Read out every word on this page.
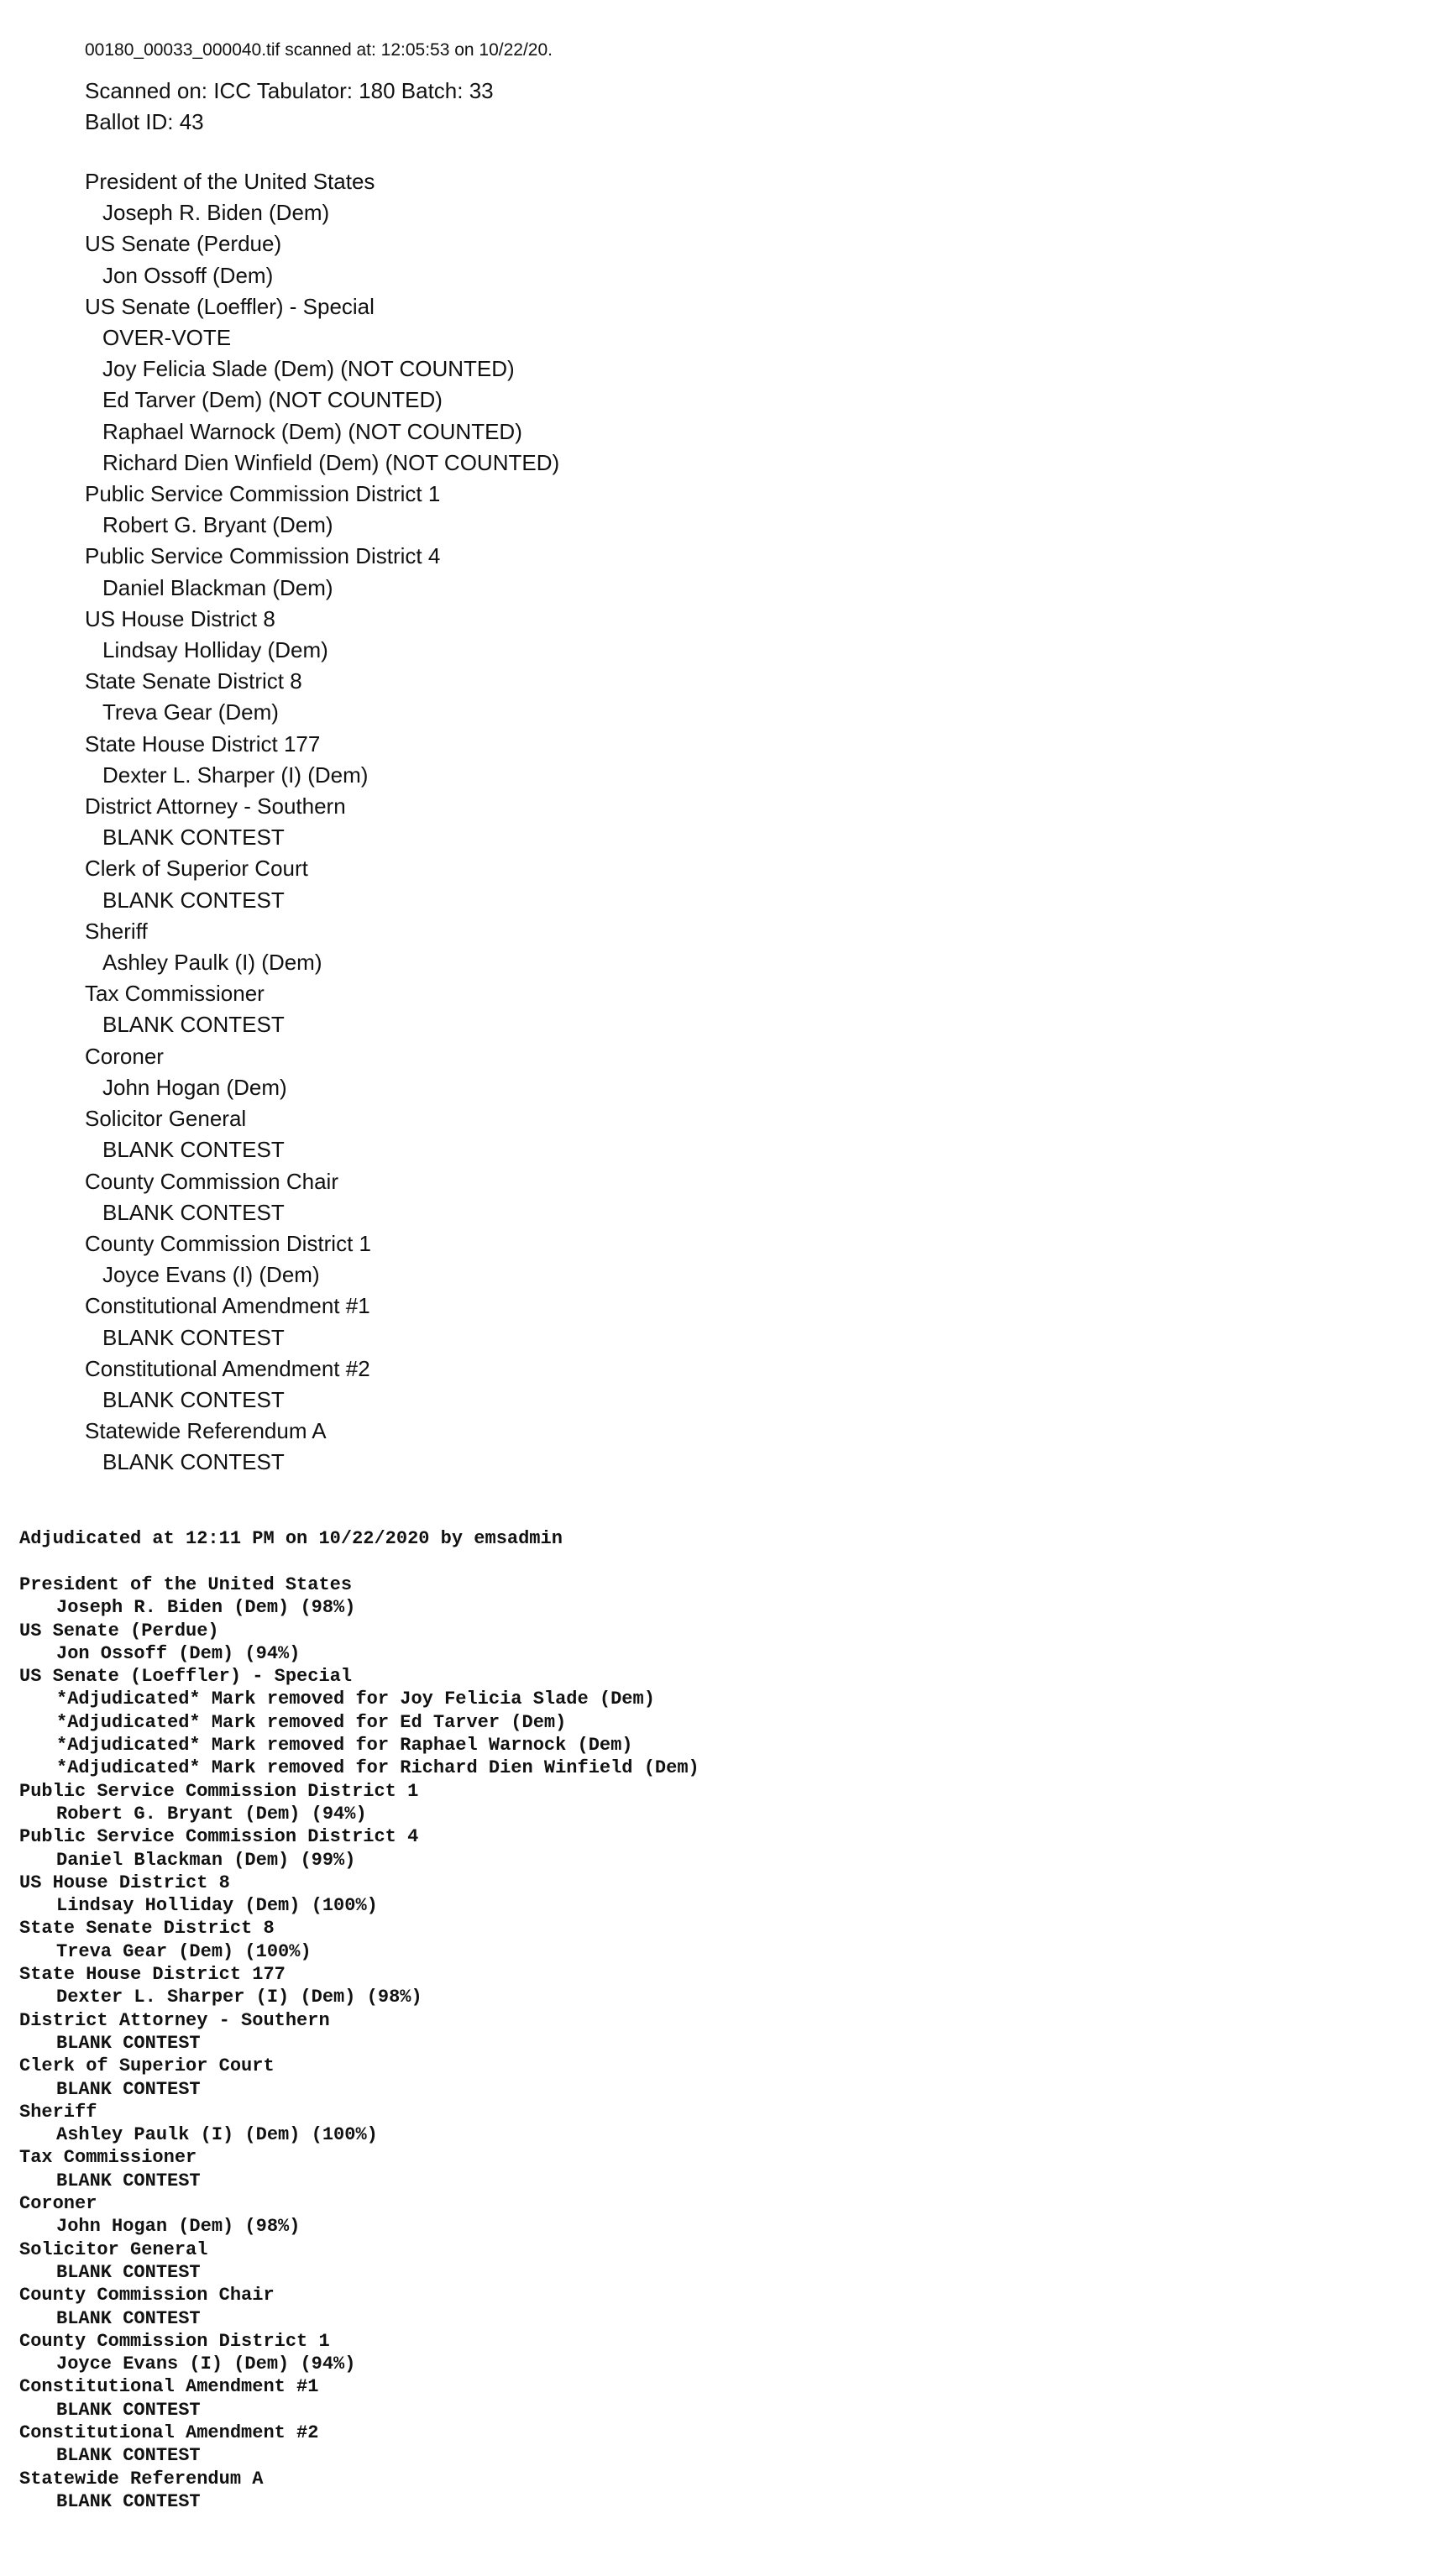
00180_00033_000040.tif scanned at: 12:05:53 on 10/22/20.
Scanned on: ICC Tabulator: 180 Batch: 33
Ballot ID: 43
President of the United States
Joseph R. Biden (Dem)
US Senate (Perdue)
Jon Ossoff (Dem)
US Senate (Loeffler) - Special
OVER-VOTE
Joy Felicia Slade (Dem) (NOT COUNTED)
Ed Tarver (Dem) (NOT COUNTED)
Raphael Warnock (Dem) (NOT COUNTED)
Richard Dien Winfield (Dem) (NOT COUNTED)
Public Service Commission District 1
Robert G. Bryant (Dem)
Public Service Commission District 4
Daniel Blackman (Dem)
US House District 8
Lindsay Holliday (Dem)
State Senate District 8
Treva Gear (Dem)
State House District 177
Dexter L. Sharper (I) (Dem)
District Attorney - Southern
BLANK CONTEST
Clerk of Superior Court
BLANK CONTEST
Sheriff
Ashley Paulk (I) (Dem)
Tax Commissioner
BLANK CONTEST
Coroner
John Hogan (Dem)
Solicitor General
BLANK CONTEST
County Commission Chair
BLANK CONTEST
County Commission District 1
Joyce Evans (I) (Dem)
Constitutional Amendment #1
BLANK CONTEST
Constitutional Amendment #2
BLANK CONTEST
Statewide Referendum A
BLANK CONTEST
Adjudicated at 12:11 PM on 10/22/2020 by emsadmin
President of the United States
Joseph R. Biden (Dem) (98%)
US Senate (Perdue)
Jon Ossoff (Dem) (94%)
US Senate (Loeffler) - Special
*Adjudicated* Mark removed for Joy Felicia Slade (Dem)
*Adjudicated* Mark removed for Ed Tarver (Dem)
*Adjudicated* Mark removed for Raphael Warnock (Dem)
*Adjudicated* Mark removed for Richard Dien Winfield (Dem)
Public Service Commission District 1
Robert G. Bryant (Dem) (94%)
Public Service Commission District 4
Daniel Blackman (Dem) (99%)
US House District 8
Lindsay Holliday (Dem) (100%)
State Senate District 8
Treva Gear (Dem) (100%)
State House District 177
Dexter L. Sharper (I) (Dem) (98%)
District Attorney - Southern
BLANK CONTEST
Clerk of Superior Court
BLANK CONTEST
Sheriff
Ashley Paulk (I) (Dem) (100%)
Tax Commissioner
BLANK CONTEST
Coroner
John Hogan (Dem) (98%)
Solicitor General
BLANK CONTEST
County Commission Chair
BLANK CONTEST
County Commission District 1
Joyce Evans (I) (Dem) (94%)
Constitutional Amendment #1
BLANK CONTEST
Constitutional Amendment #2
BLANK CONTEST
Statewide Referendum A
BLANK CONTEST
